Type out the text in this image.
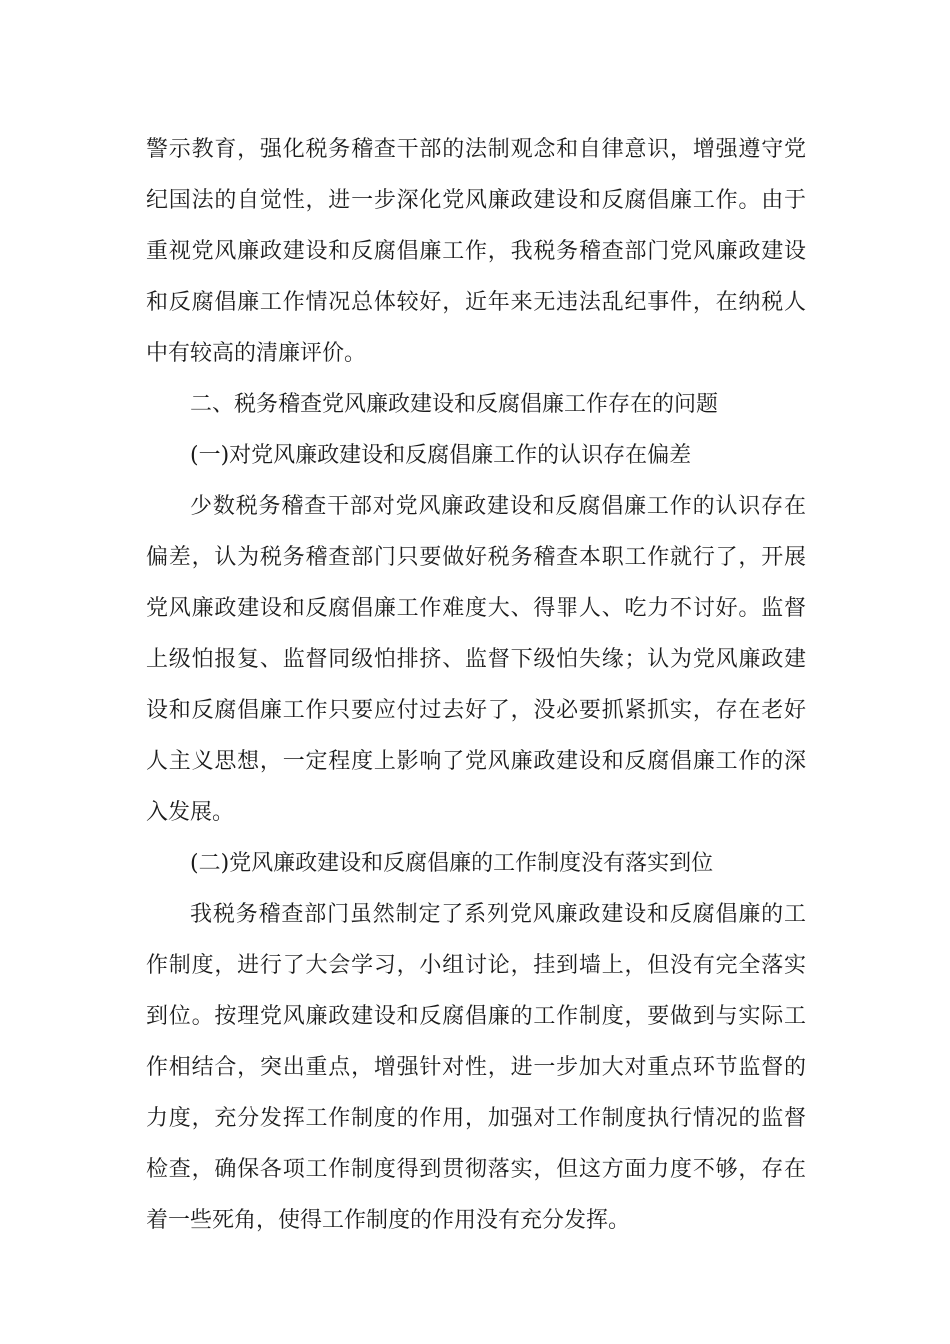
警示教育，强化税务稽查干部的法制观念和自律意识，增强遵守党
纪国法的自觉性，进一步深化党风廉政建设和反腐倡廉工作。由于
重视党风廉政建设和反腐倡廉工作，我税务稽查部门党风廉政建设
和反腐倡廉工作情况总体较好，近年来无违法乱纪事件，在纳税人
中有较高的清廉评价。
二、税务稽查党风廉政建设和反腐倡廉工作存在的问题
(一)对党风廉政建设和反腐倡廉工作的认识存在偏差
少数税务稽查干部对党风廉政建设和反腐倡廉工作的认识存在
偏差，认为税务稽查部门只要做好税务稽查本职工作就行了，开展
党风廉政建设和反腐倡廉工作难度大、得罪人、吃力不讨好。监督
上级怕报复、监督同级怕排挤、监督下级怕失缘；认为党风廉政建
设和反腐倡廉工作只要应付过去好了，没必要抓紧抓实，存在老好
人主义思想，一定程度上影响了党风廉政建设和反腐倡廉工作的深
入发展。
(二)党风廉政建设和反腐倡廉的工作制度没有落实到位
我税务稽查部门虽然制定了系列党风廉政建设和反腐倡廉的工
作制度，进行了大会学习，小组讨论，挂到墙上，但没有完全落实
到位。按理党风廉政建设和反腐倡廉的工作制度，要做到与实际工
作相结合，突出重点，增强针对性，进一步加大对重点环节监督的
力度，充分发挥工作制度的作用，加强对工作制度执行情况的监督
检查，确保各项工作制度得到贯彻落实，但这方面力度不够，存在
着一些死角，使得工作制度的作用没有充分发挥。
